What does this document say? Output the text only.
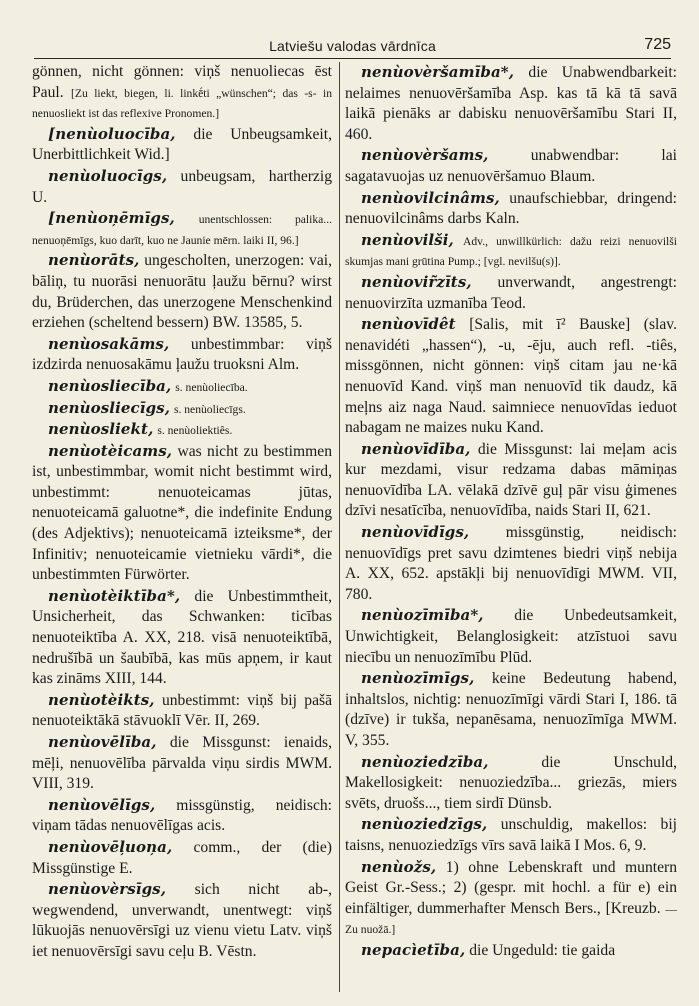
Latviešu valodas vārdnīca	725

gönnen, nicht gönnen: viņš nenuoliecas ēst Paul. [Zu liekt, biegen, li. linkḗti „wünschen“; das -s- in nenuosliekt ist das reflexive Pronomen.]

[nenùoluocība, die Unbeugsamkeit, Unerbittlichkeit Wid.]

nenùoluocīgs, unbeugsam, hartherzig U.

[nenùoņēmīgs, unentschlossen: palika... nenuoņēmīgs, kuo darīt, kuo ne Jaunie mērn. laiki II, 96.]

nenùorāts, ungescholten, unerzogen: vai, bāliņ, tu nuorāsi nenuorātu ļaužu bērnu? wirst du, Brüderchen, das unerzogene Menschenkind erziehen (scheltend bessern) BW. 13585, 5.

nenùosakāms, unbestimmbar: viņš izdzirda nenuosakāmu ļaužu truoksni Alm.

nenùosliecība, s. nenùoliecība.

nenùosliecīgs, s. nenùoliecīgs.

nenùosliekt, s. nenùoliektiês.

nenùotèicams, was nicht zu bestimmen ist, unbestimmbar, womit nicht bestimmt wird, unbestimmt: nenuoteicamas jūtas, nenuoteicamā galuotne*, die indefinite Endung (des Adjektivs); nenuoteicamā izteiksme*, der Infinitiv; nenuoteicamie vietnieku vārdi*, die unbestimmten Fürwörter.

nenùotèiktība*, die Unbestimmtheit, Unsicherheit, das Schwanken: ticības nenuoteiktība A. XX, 218. visā nenuoteiktībā, nedrušībā un šaubībā, kas mūs apņem, ir kaut kas zināms XIII, 144.

nenùotèikts, unbestimmt: viņš bij pašā nenuoteiktākā stāvuoklī Vēr. II, 269.

nenùovēlība, die Missgunst: ienaids, mēļi, nenuovēlība pārvalda viņu sirdis MWM. VIII, 319.

nenùovēlīgs, missgünstig, neidisch: viņam tādas nenuovēlīgas acis.

nenùovēļuoņa, comm., der (die) Missgünstige E.

nenùovèrsīgs, sich nicht ab-, wegwendend, unverwandt, unentwegt: viņš lūkuojās nenuovērsīgi uz vienu vietu Latv. viņš iet nenuovērsīgi savu ceļu B. Vēstn.

nenùovèršamība*, die Unabwendbarkeit: nelaimes nenuovēršamība Asp. kas tā kā tā savā laikā pienāks ar dabisku nenuovēršamību Stari II, 460.

nenùovèršams,	unabwendbar: lai sagatavuojas uz nenuovēršamuo Blaum.

nenùovilcinâms, unaufschiebbar, dringend: nenuovilcinâms darbs Kaln.

nenùovilši, Adv., unwillkürlich: dažu reizi nenuovilši skumjas mani grūtina Pump.; [vgl. nevilšu(s)].

nenùovir̃zīts, unverwandt, angestrengt: nenuovirzīta uzmanība Teod.

nenùovīdêt [Salis, mit ī² Bauske] (slav. nenavidéti „hassen“), -u, -ēju, auch refl. -tiês, missgönnen, nicht gönnen: viņš citam jau ne·kā nenuovīd Kand. viņš man nenuovīd tik daudz, kā meļns aiz naga Naud. saimniece nenuovīdas ieduot nabagam ne maizes nuku Kand.

nenùovīdība, die Missgunst: lai meļam acis kur mezdami, visur redzama dabas māmiņas nenuovīdība LA. vēlakā dzīvē guļ pār visu ģimenes dzīvi nesatīcība, nenuovīdība, naids Stari II, 621.

nenùovīdīgs, missgünstig, neidisch: nenuovīdīgs pret savu dzimtenes biedri viņš nebija A. XX, 652. apstākļi bij nenuovīdīgi MWM. VII, 780.

nenùozīmība*, die Unbedeutsamkeit, Unwichtigkeit, Belanglosigkeit: atzīstuoi savu niecību un nenuozīmību Plūd.

nenùozīmīgs, keine Bedeutung habend, inhaltslos, nichtig: nenuozīmīgi vārdi Stari I, 186. tā (dzīve) ir tukša, nepanēsama, nenuozīmīga MWM. V, 355.

nenùoziedzība,	die Unschuld, Makellosigkeit: nenuoziedzība... griezās, miers svēts, druošs..., tiem sirdī Dünsb.

nenùoziedzīgs, unschuldig, makellos: bij taisns, nenuoziedzīgs vīrs savā laikā I Mos. 6, 9.

nenùožs, 1) ohne Lebenskraft und muntern Geist Gr.-Sess.; 2) (gespr. mit hochl. a für e) ein einfältiger, dummerhafter Mensch Bers., [Kreuzb. — Zu nuožā.]

nepacìetība, die Ungeduld: tie gaida
